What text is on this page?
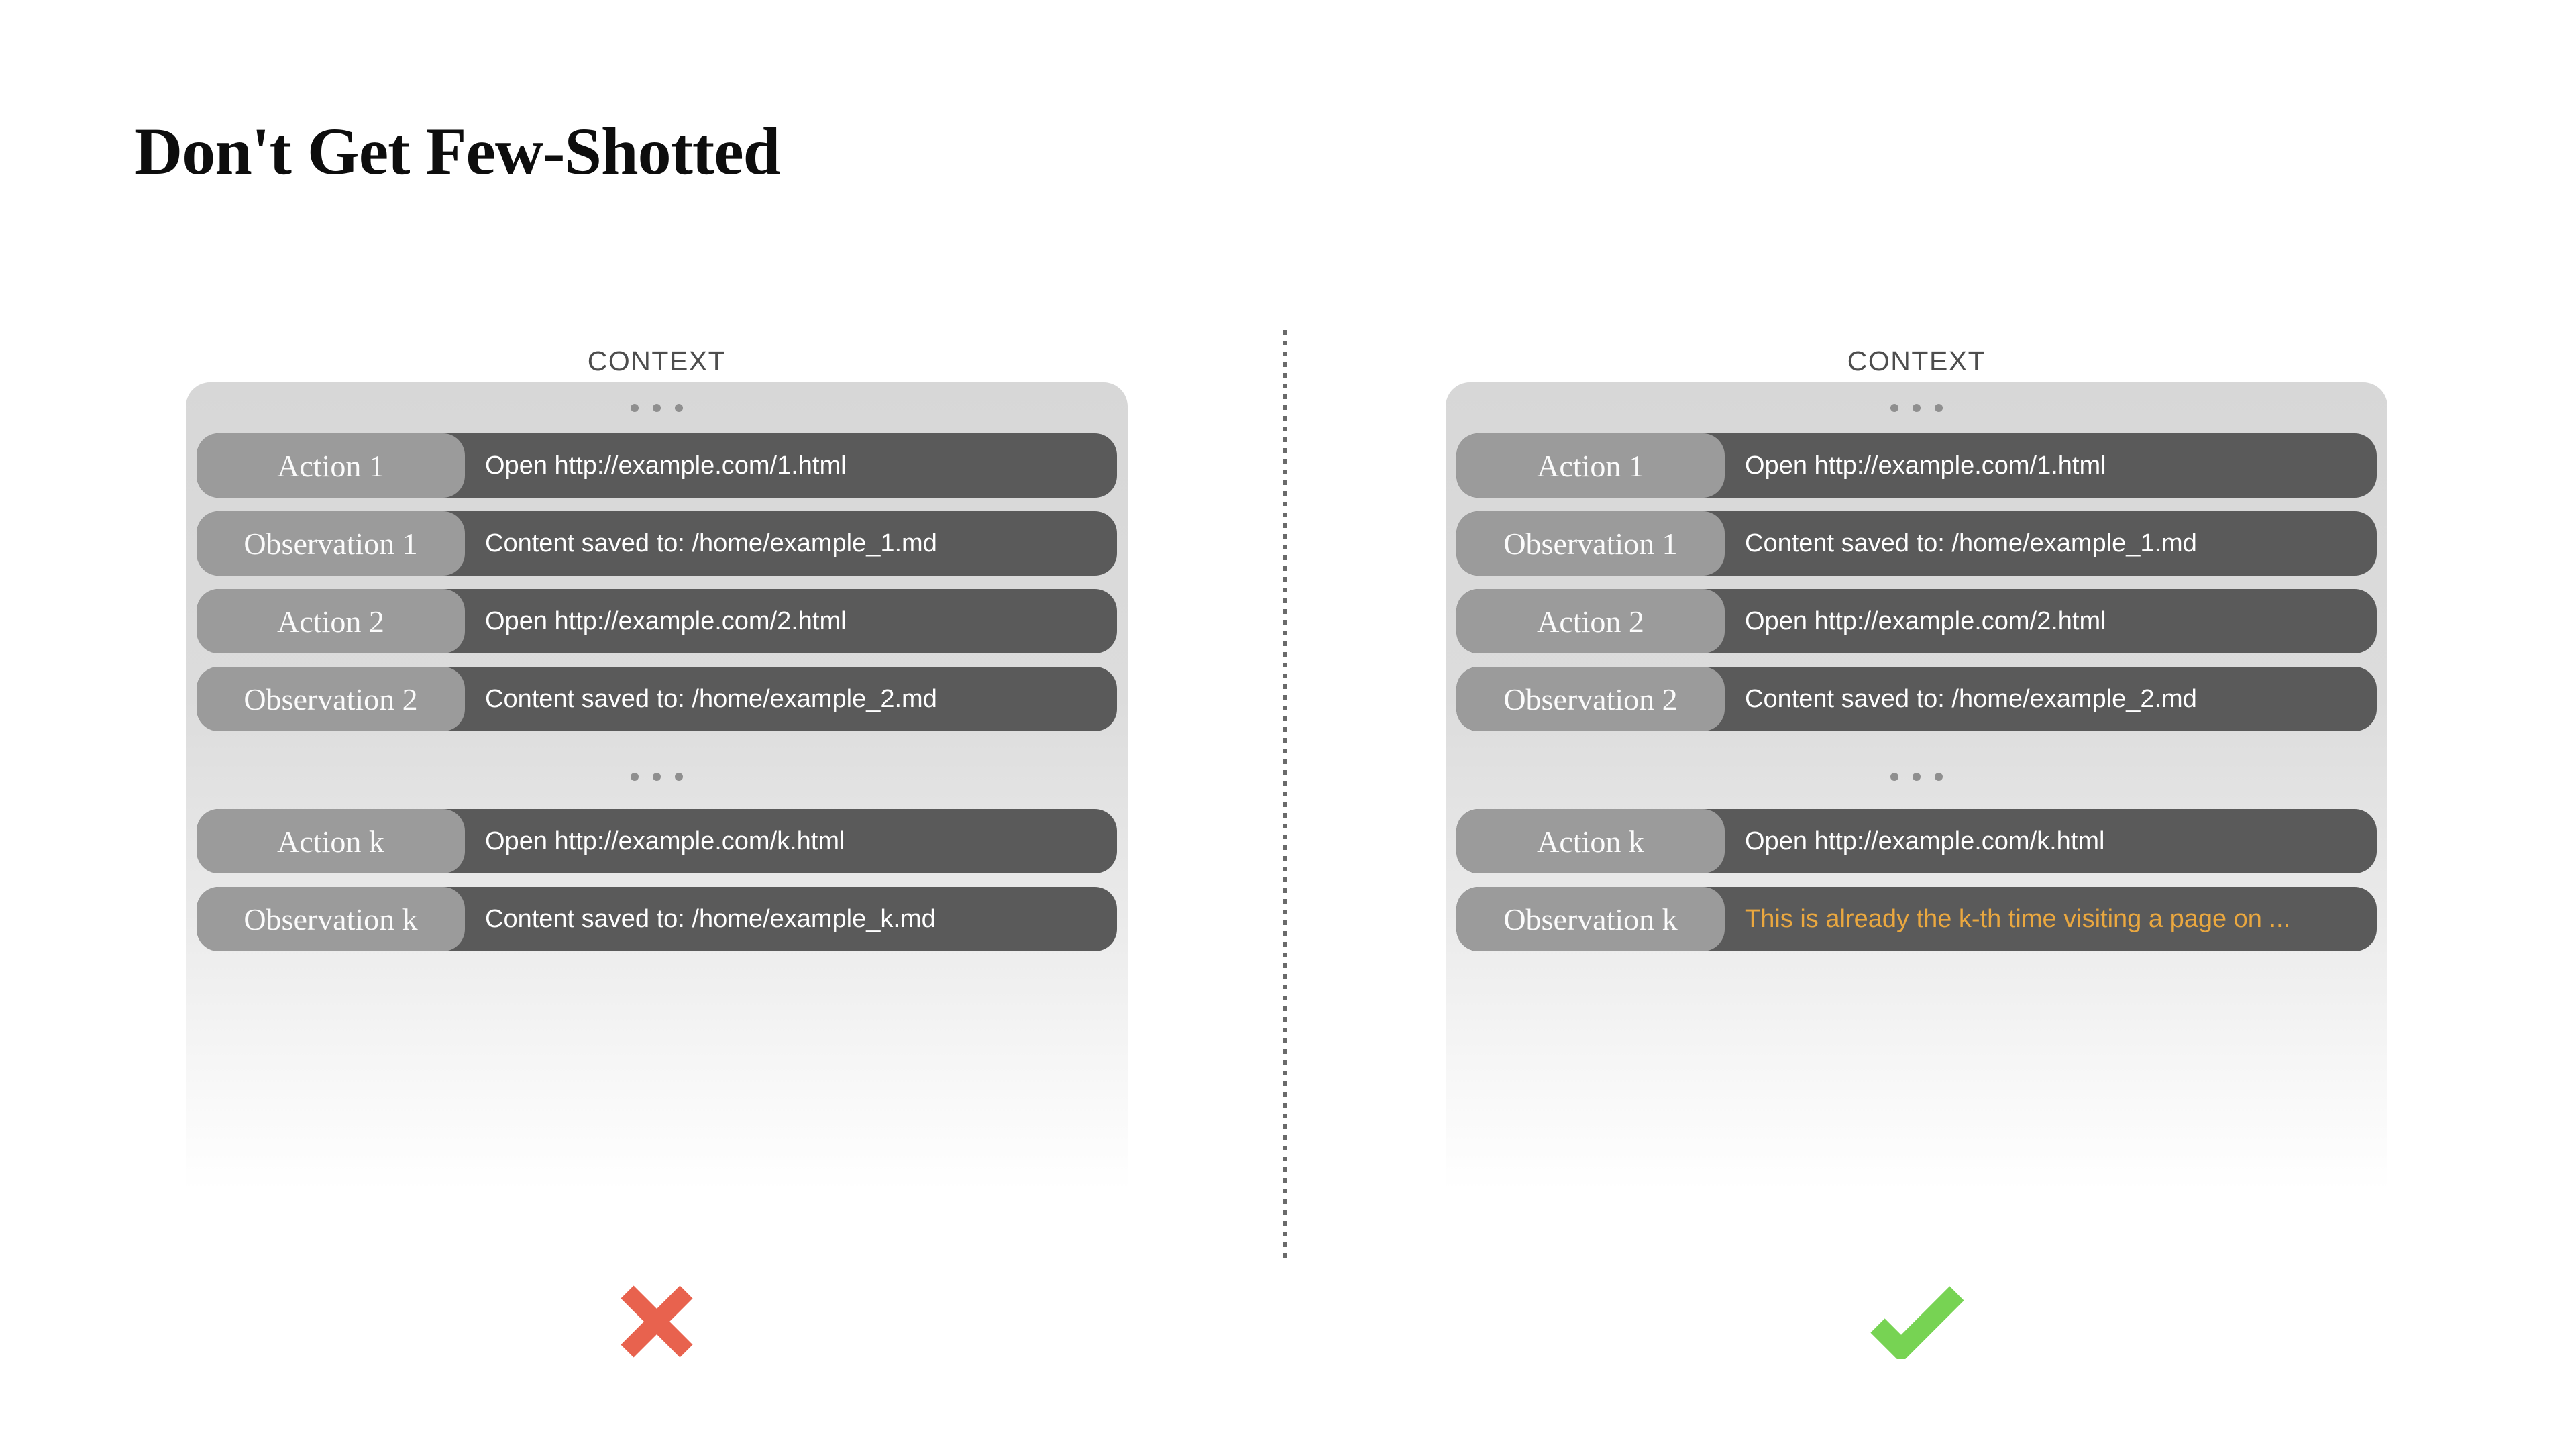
Don't Get Few-Shotted
CONTEXT	CONTEXT
Open http://example.com/1.html
Action 1
Content saved to: /home/example_1.md
Observation 1
Open http://example.com/2.html
Action 2
Content saved to: /home/example_2.md
Observation 2
Open http://example.com/k.html
Action k
Content saved to: /home/example_k.md
Observation k
Open http://example.com/1.html
Action 1
Content saved to: /home/example_1.md
Observation 1
Open http://example.com/2.html
Action 2
Content saved to: /home/example_2.md
Observation 2
Open http://example.com/k.html
Action k
This is already the k-th time visiting a page on ...
Observation k
